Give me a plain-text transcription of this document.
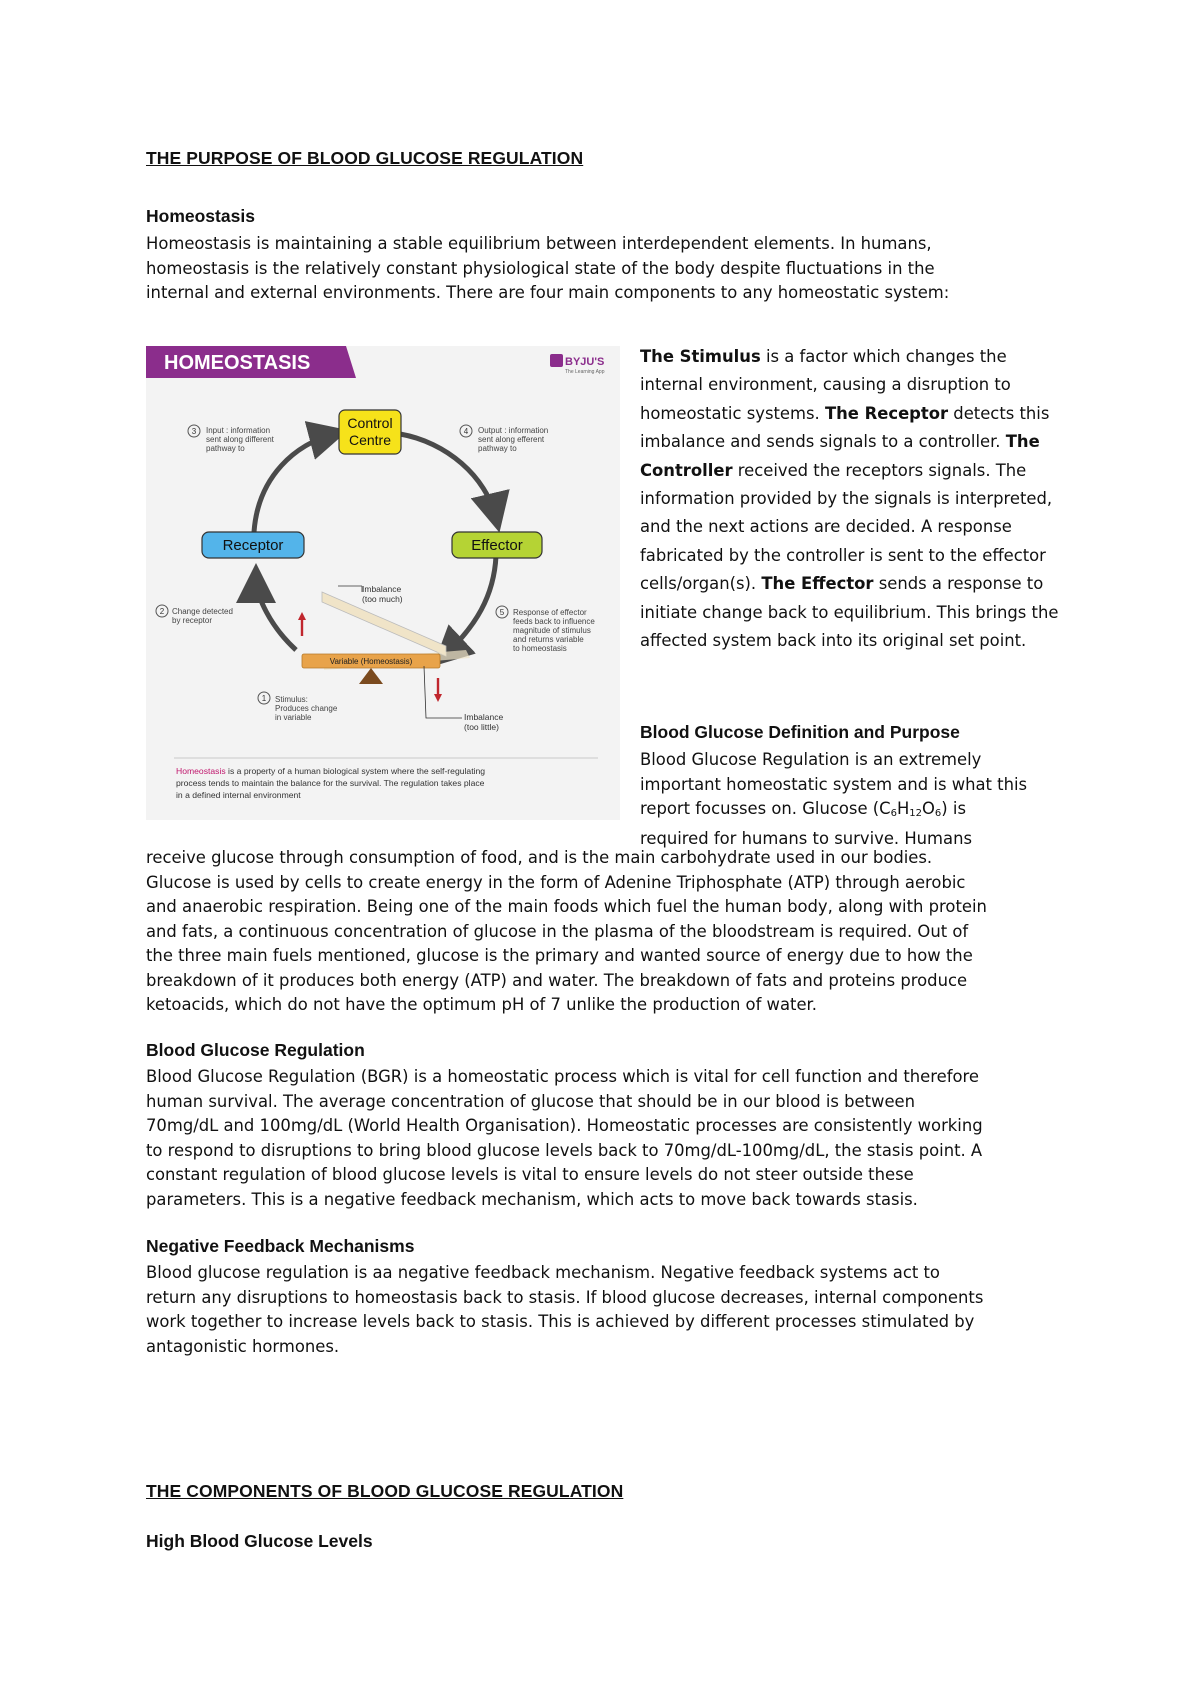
THE PURPOSE OF BLOOD GLUCOSE REGULATION
Homeostasis

Homeostasis is maintaining a stable equilibrium between interdependent elements. In humans,

homeostasis is the relatively constant physiological state of the body despite fluctuations in the

internal and external environments. There are four main components to any homeostatic system:

HOMEOSTASIS	BYJU'S
The Learning App
Control
Centre
Receptor	Effector
3 Input : information
sent along different
pathway to
4 Output : information
sent along efferent
pathway to
2 Change detected
by receptor
5 Response of effector
feeds back to influence
magnitude of stimulus
and returns variable
to homeostasis
Imbalance
(too much)
Variable (Homeostasis)
1 Stimulus:
Produces change
in variable	Imbalance
(too little)
Homeostasis is a property of a human biological system where the self-regulating
process tends to maintain the balance for the survival. The regulation takes place
in a defined internal environment
The Stimulus is a factor which changes the internal environment, causing a disruption to homeostatic systems. The Receptor detects this imbalance and sends signals to a controller. The Controller received the receptors signals. The information provided by the signals is interpreted, and the next actions are decided. A response fabricated by the controller is sent to the effector cells/organ(s). The Effector sends a response to initiate change back to equilibrium. This brings the affected system back into its original set point.
Blood Glucose Definition and Purpose

Blood Glucose Regulation is an extremely

important homeostatic system and is what this

report focusses on. Glucose $(C_6H_{12}O_6)$ is

required for humans to survive. Humans

receive glucose through consumption of food, and is the main carbohydrate used in our bodies.

Glucose is used by cells to create energy in the form of Adenine Triphosphate (ATP) through aerobic

and anaerobic respiration. Being one of the main foods which fuel the human body, along with protein

and fats, a continuous concentration of glucose in the plasma of the bloodstream is required. Out of

the three main fuels mentioned, glucose is the primary and wanted source of energy due to how the

breakdown of it produces both energy (ATP) and water. The breakdown of fats and proteins produce

ketoacids, which do not have the optimum pH of 7 unlike the production of water.

Blood Glucose Regulation

Blood Glucose Regulation (BGR) is a homeostatic process which is vital for cell function and therefore

human survival. The average concentration of glucose that should be in our blood is between

70mg/dL and 100mg/dL (World Health Organisation). Homeostatic processes are consistently working

to respond to disruptions to bring blood glucose levels back to 70mg/dL-100mg/dL, the stasis point. A

constant regulation of blood glucose levels is vital to ensure levels do not steer outside these

parameters. This is a negative feedback mechanism, which acts to move back towards stasis.

Negative Feedback Mechanisms

Blood glucose regulation is aa negative feedback mechanism. Negative feedback systems act to

return any disruptions to homeostasis back to stasis. If blood glucose decreases, internal components

work together to increase levels back to stasis. This is achieved by different processes stimulated by

antagonistic hormones.

THE COMPONENTS OF BLOOD GLUCOSE REGULATION
High Blood Glucose Levels
